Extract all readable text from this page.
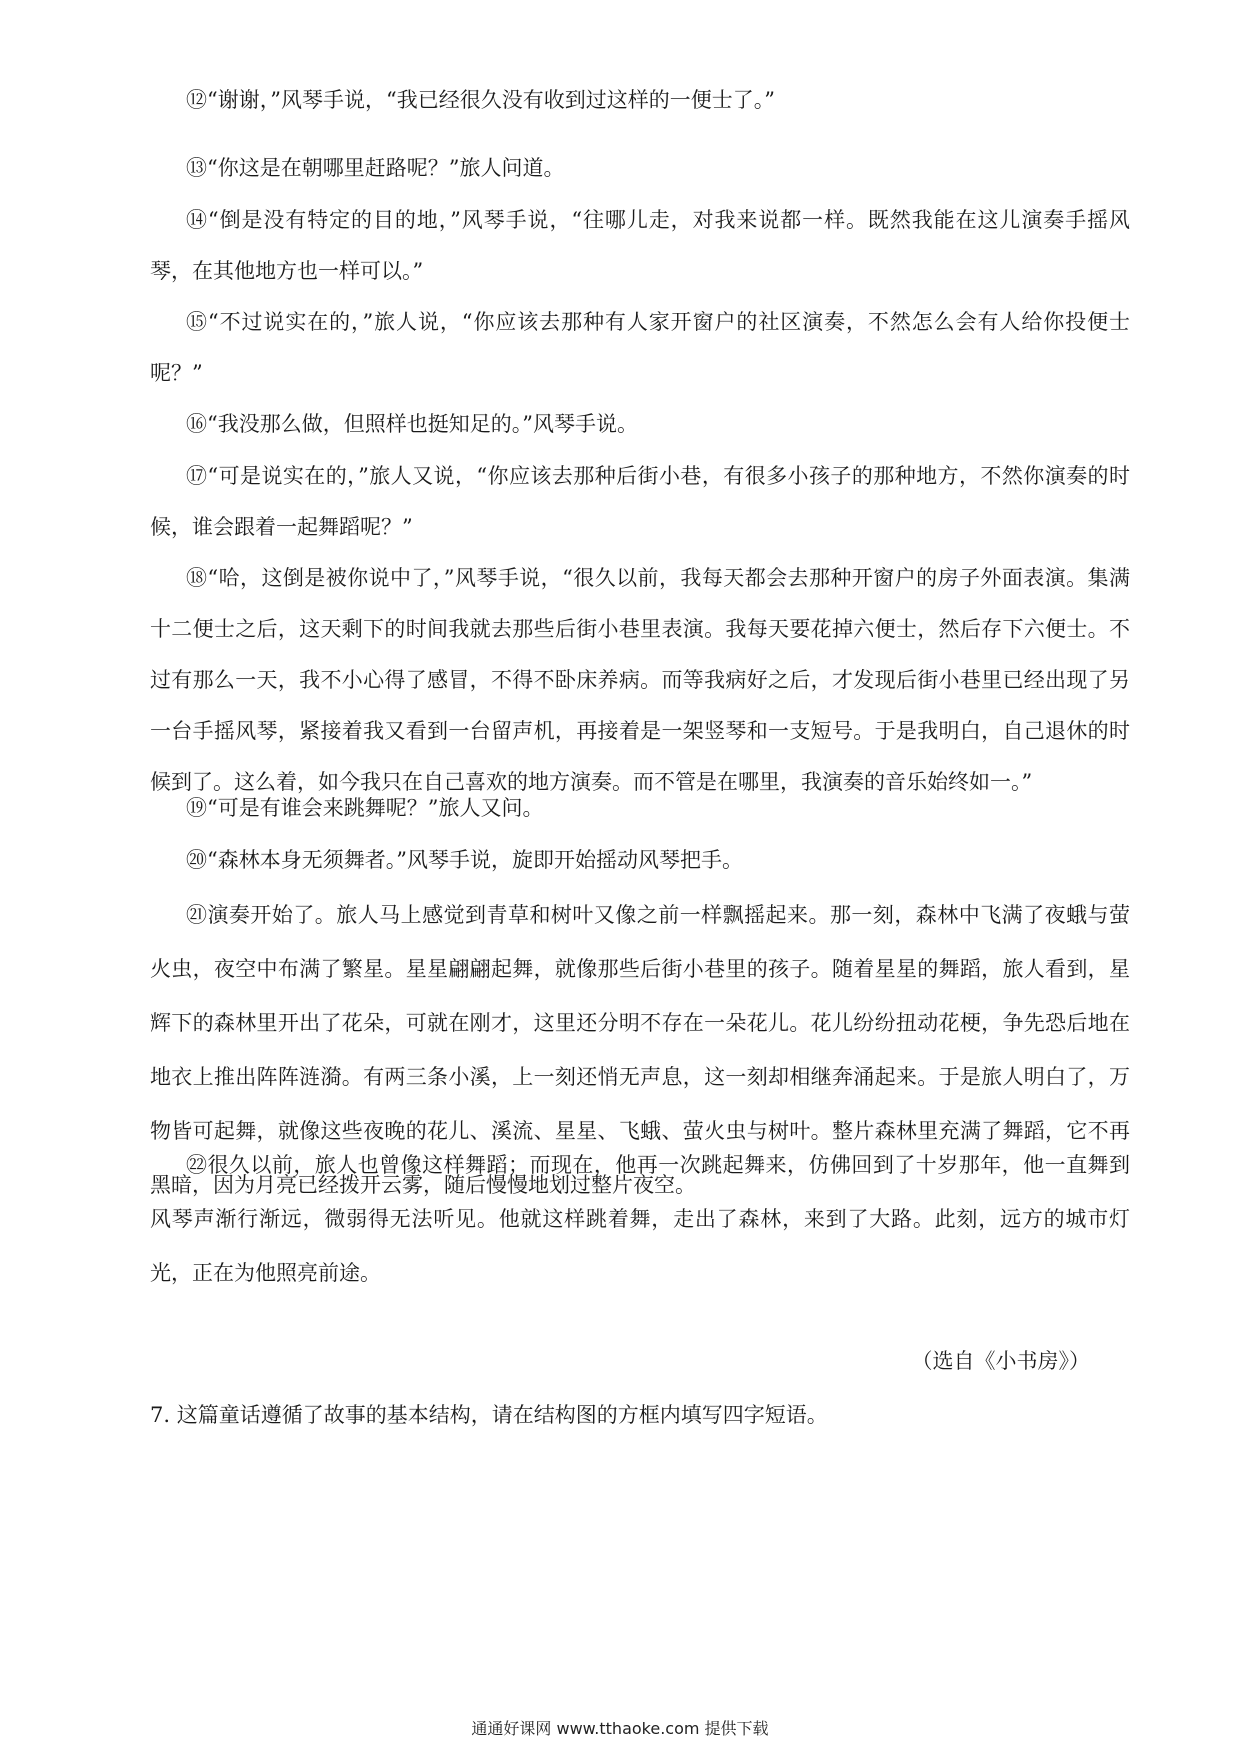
⑫“谢谢，”风琴手说，“我已经很久没有收到过这样的一便士了。”

⑬“你这是在朝哪里赶路呢？”旅人问道。

⑭“倒是没有特定的目的地，”风琴手说，“往哪儿走，对我来说都一样。既然我能在这儿演奏手摇风琴，在其他地方也一样可以。”

⑮“不过说实在的，”旅人说，“你应该去那种有人家开窗户的社区演奏，不然怎么会有人给你投便士呢？”

⑯“我没那么做，但照样也挺知足的。”风琴手说。

⑰“可是说实在的，”旅人又说，“你应该去那种后街小巷，有很多小孩子的那种地方，不然你演奏的时候，谁会跟着一起舞蹈呢？”

⑱“哈，这倒是被你说中了，”风琴手说，“很久以前，我每天都会去那种开窗户的房子外面表演。集满十二便士之后，这天剩下的时间我就去那些后街小巷里表演。我每天要花掉六便士，然后存下六便士。不过有那么一天，我不小心得了感冒，不得不卧床养病。而等我病好之后，才发现后街小巷里已经出现了另一台手摇风琴，紧接着我又看到一台留声机，再接着是一架竖琴和一支短号。于是我明白，自己退休的时候到了。这么着，如今我只在自己喜欢的地方演奏。而不管是在哪里，我演奏的音乐始终如一。”

⑲“可是有谁会来跳舞呢？”旅人又问。

⑳“森林本身无须舞者。”风琴手说，旋即开始摇动风琴把手。

㉑演奏开始了。旅人马上感觉到青草和树叶又像之前一样飘摇起来。那一刻，森林中飞满了夜蛾与萤火虫，夜空中布满了繁星。星星翩翩起舞，就像那些后街小巷里的孩子。随着星星的舞蹈，旅人看到，星辉下的森林里开出了花朵，可就在刚才，这里还分明不存在一朵花儿。花儿纷纷扭动花梗，争先恐后地在地衣上推出阵阵涟漪。有两三条小溪，上一刻还悄无声息，这一刻却相继奔涌起来。于是旅人明白了，万物皆可起舞，就像这些夜晚的花儿、溪流、星星、飞蛾、萤火虫与树叶。整片森林里充满了舞蹈，它不再黑暗，因为月亮已经拨开云雾，随后慢慢地划过整片夜空。

㉒很久以前，旅人也曾像这样舞蹈；而现在，他再一次跳起舞来，仿佛回到了十岁那年，他一直舞到风琴声渐行渐远，微弱得无法听见。他就这样跳着舞，走出了森林，来到了大路。此刻，远方的城市灯光，正在为他照亮前途。

（选自《小书房》）

7. 这篇童话遵循了故事的基本结构，请在结构图的方框内填写四字短语。

通通好课网 www.tthaoke.com 提供下载
